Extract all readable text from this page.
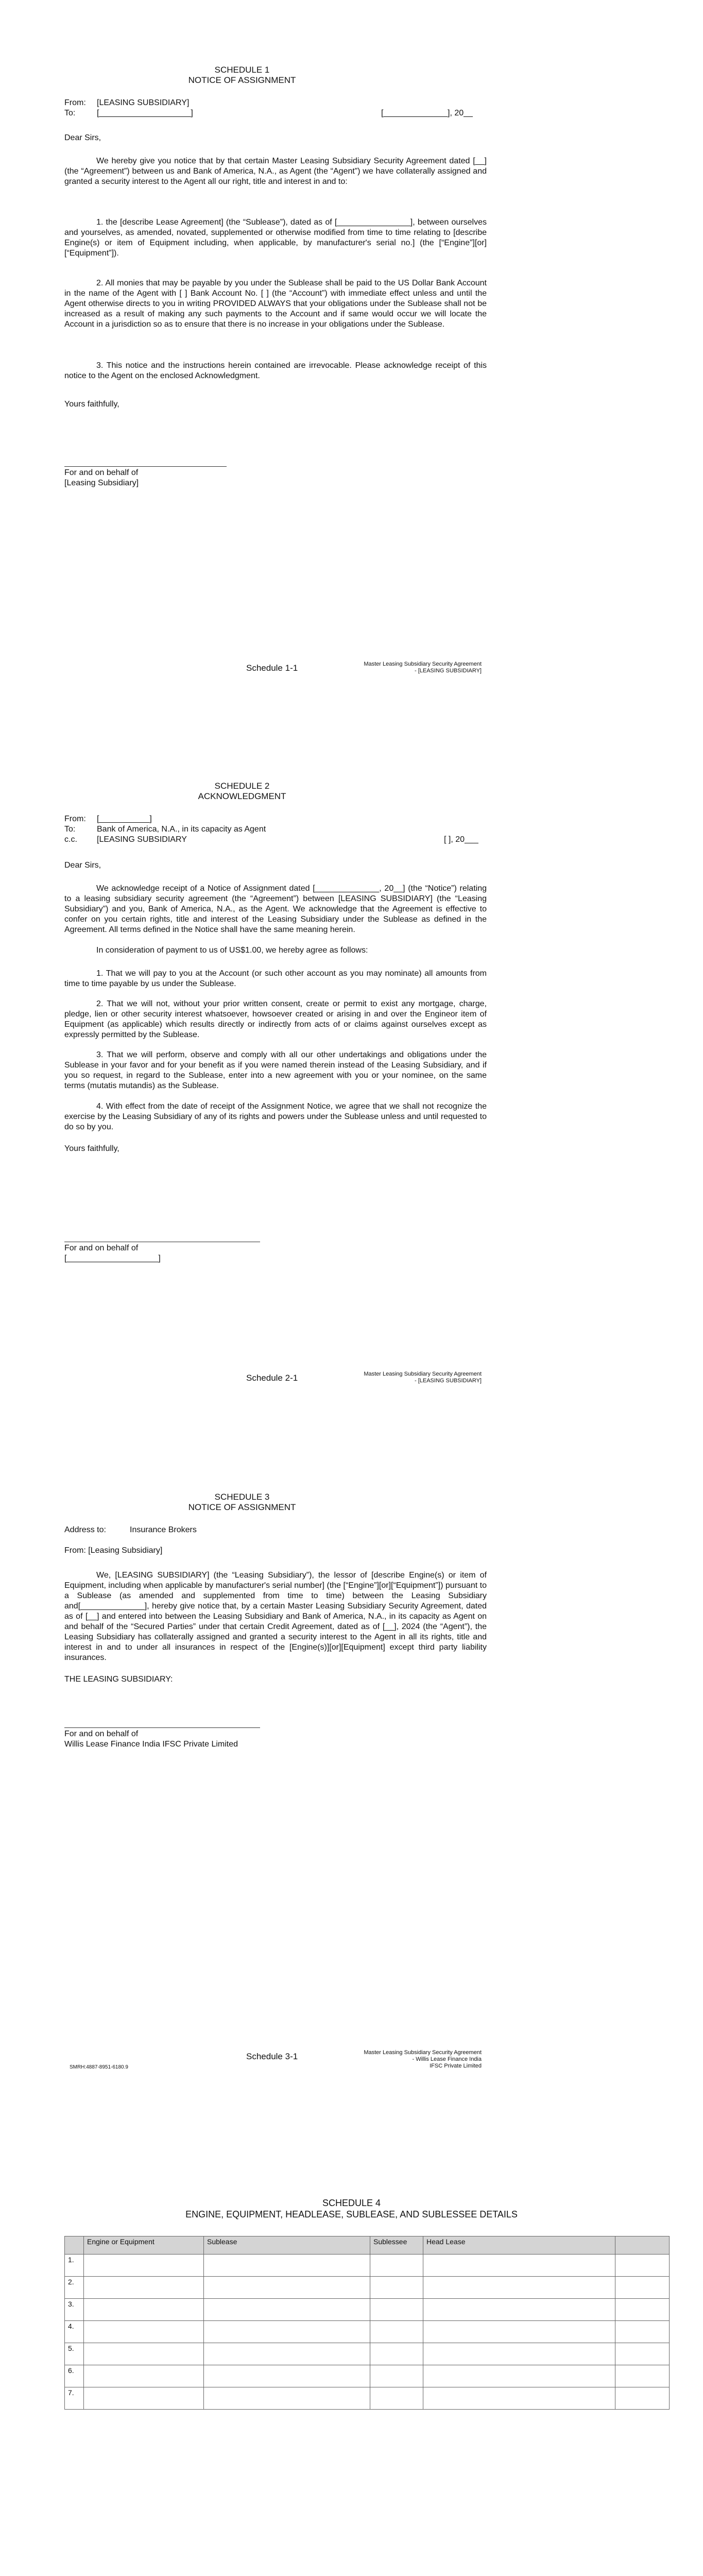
SCHEDULE 1
NOTICE OF ASSIGNMENT
From: [LEASING SUBSIDIARY]
To:	[____________________]	[______________], 20__
Dear Sirs,
We hereby give you notice that by that certain Master Leasing Subsidiary Security Agreement dated [__] (the “Agreement”) between us and Bank of America, N.A., as Agent (the “Agent”) we have collaterally assigned and granted a security interest to the Agent all our right, title and interest in and to:
1. the [describe Lease Agreement] (the “Sublease”), dated as of [________________], between ourselves and yourselves, as amended, novated, supplemented or otherwise modified from time to time relating to [describe Engine(s) or item of Equipment including, when applicable, by manufacturer's serial no.] (the [“Engine”][or][“Equipment”]).
2. All monies that may be payable by you under the Sublease shall be paid to the US Dollar Bank Account in the name of the Agent with [ ] Bank Account No. [ ] (the “Account”) with immediate effect unless and until the Agent otherwise directs to you in writing PROVIDED ALWAYS that your obligations under the Sublease shall not be increased as a result of making any such payments to the Account and if same would occur we will locate the Account in a jurisdiction so as to ensure that there is no increase in your obligations under the Sublease.
3. This notice and the instructions herein contained are irrevocable. Please acknowledge receipt of this notice to the Agent on the enclosed Acknowledgment.
Yours faithfully,
For and on behalf of
[Leasing Subsidiary]
Schedule 1-1	Master Leasing Subsidiary Security Agreement
- [LEASING SUBSIDIARY]
SCHEDULE 2
ACKNOWLEDGMENT
From: [___________]
To:	Bank of America, N.A., in its capacity as Agent
c.c. [LEASING SUBSIDIARY	[ ], 20___
Dear Sirs,
We acknowledge receipt of a Notice of Assignment dated [______________, 20__] (the “Notice”) relating to a leasing subsidiary security agreement (the “Agreement”) between [LEASING SUBSIDIARY] (the “Leasing Subsidiary”) and you, Bank of America, N.A., as the Agent. We acknowledge that the Agreement is effective to confer on you certain rights, title and interest of the Leasing Subsidiary under the Sublease as defined in the Agreement. All terms defined in the Notice shall have the same meaning herein.
In consideration of payment to us of US$1.00, we hereby agree as follows:
1. That we will pay to you at the Account (or such other account as you may nominate) all amounts from time to time payable by us under the Sublease.
2. That we will not, without your prior written consent, create or permit to exist any mortgage, charge, pledge, lien or other security interest whatsoever, howsoever created or arising in and over the Engineor item of Equipment (as applicable) which results directly or indirectly from acts of or claims against ourselves except as expressly permitted by the Sublease.
3. That we will perform, observe and comply with all our other undertakings and obligations under the Sublease in your favor and for your benefit as if you were named therein instead of the Leasing Subsidiary, and if you so request, in regard to the Sublease, enter into a new agreement with you or your nominee, on the same terms (mutatis mutandis) as the Sublease.
4. With effect from the date of receipt of the Assignment Notice, we agree that we shall not recognize the exercise by the Leasing Subsidiary of any of its rights and powers under the Sublease unless and until requested to do so by you.
Yours faithfully,
For and on behalf of
[____________________]
Schedule 2-1	Master Leasing Subsidiary Security Agreement
- [LEASING SUBSIDIARY]
SCHEDULE 3
NOTICE OF ASSIGNMENT
Address to:	Insurance Brokers
From: [Leasing Subsidiary]
We, [LEASING SUBSIDIARY] (the “Leasing Subsidiary”), the lessor of [describe Engine(s) or item of Equipment, including when applicable by manufacturer's serial number] (the [“Engine”][or][“Equipment”]) pursuant to a Sublease (as amended and supplemented from time to time) between the Leasing Subsidiary and[______________], hereby give notice that, by a certain Master Leasing Subsidiary Security Agreement, dated as of [__] and entered into between the Leasing Subsidiary and Bank of America, N.A., in its capacity as Agent on and behalf of the “Secured Parties” under that certain Credit Agreement, dated as of [__], 2024 (the “Agent”), the Leasing Subsidiary has collaterally assigned and granted a security interest to the Agent in all its rights, title and interest in and to under all insurances in respect of the [Engine(s)][or][Equipment] except third party liability insurances.
THE LEASING SUBSIDIARY:
For and on behalf of
Willis Lease Finance India IFSC Private Limited
Schedule 3-1	Master Leasing Subsidiary Security Agreement
- Willis Lease Finance India IFSC Private Limited
SMRH:4887-8951-6180.9
SCHEDULE 4
ENGINE, EQUIPMENT, HEADLEASE, SUBLEASE, AND SUBLESSEE DETAILS
	Engine or Equipment	Sublease	Sublessee	Head Lease	
1.					
2.					
3.					
4.					
5.					
6.					
7.					
